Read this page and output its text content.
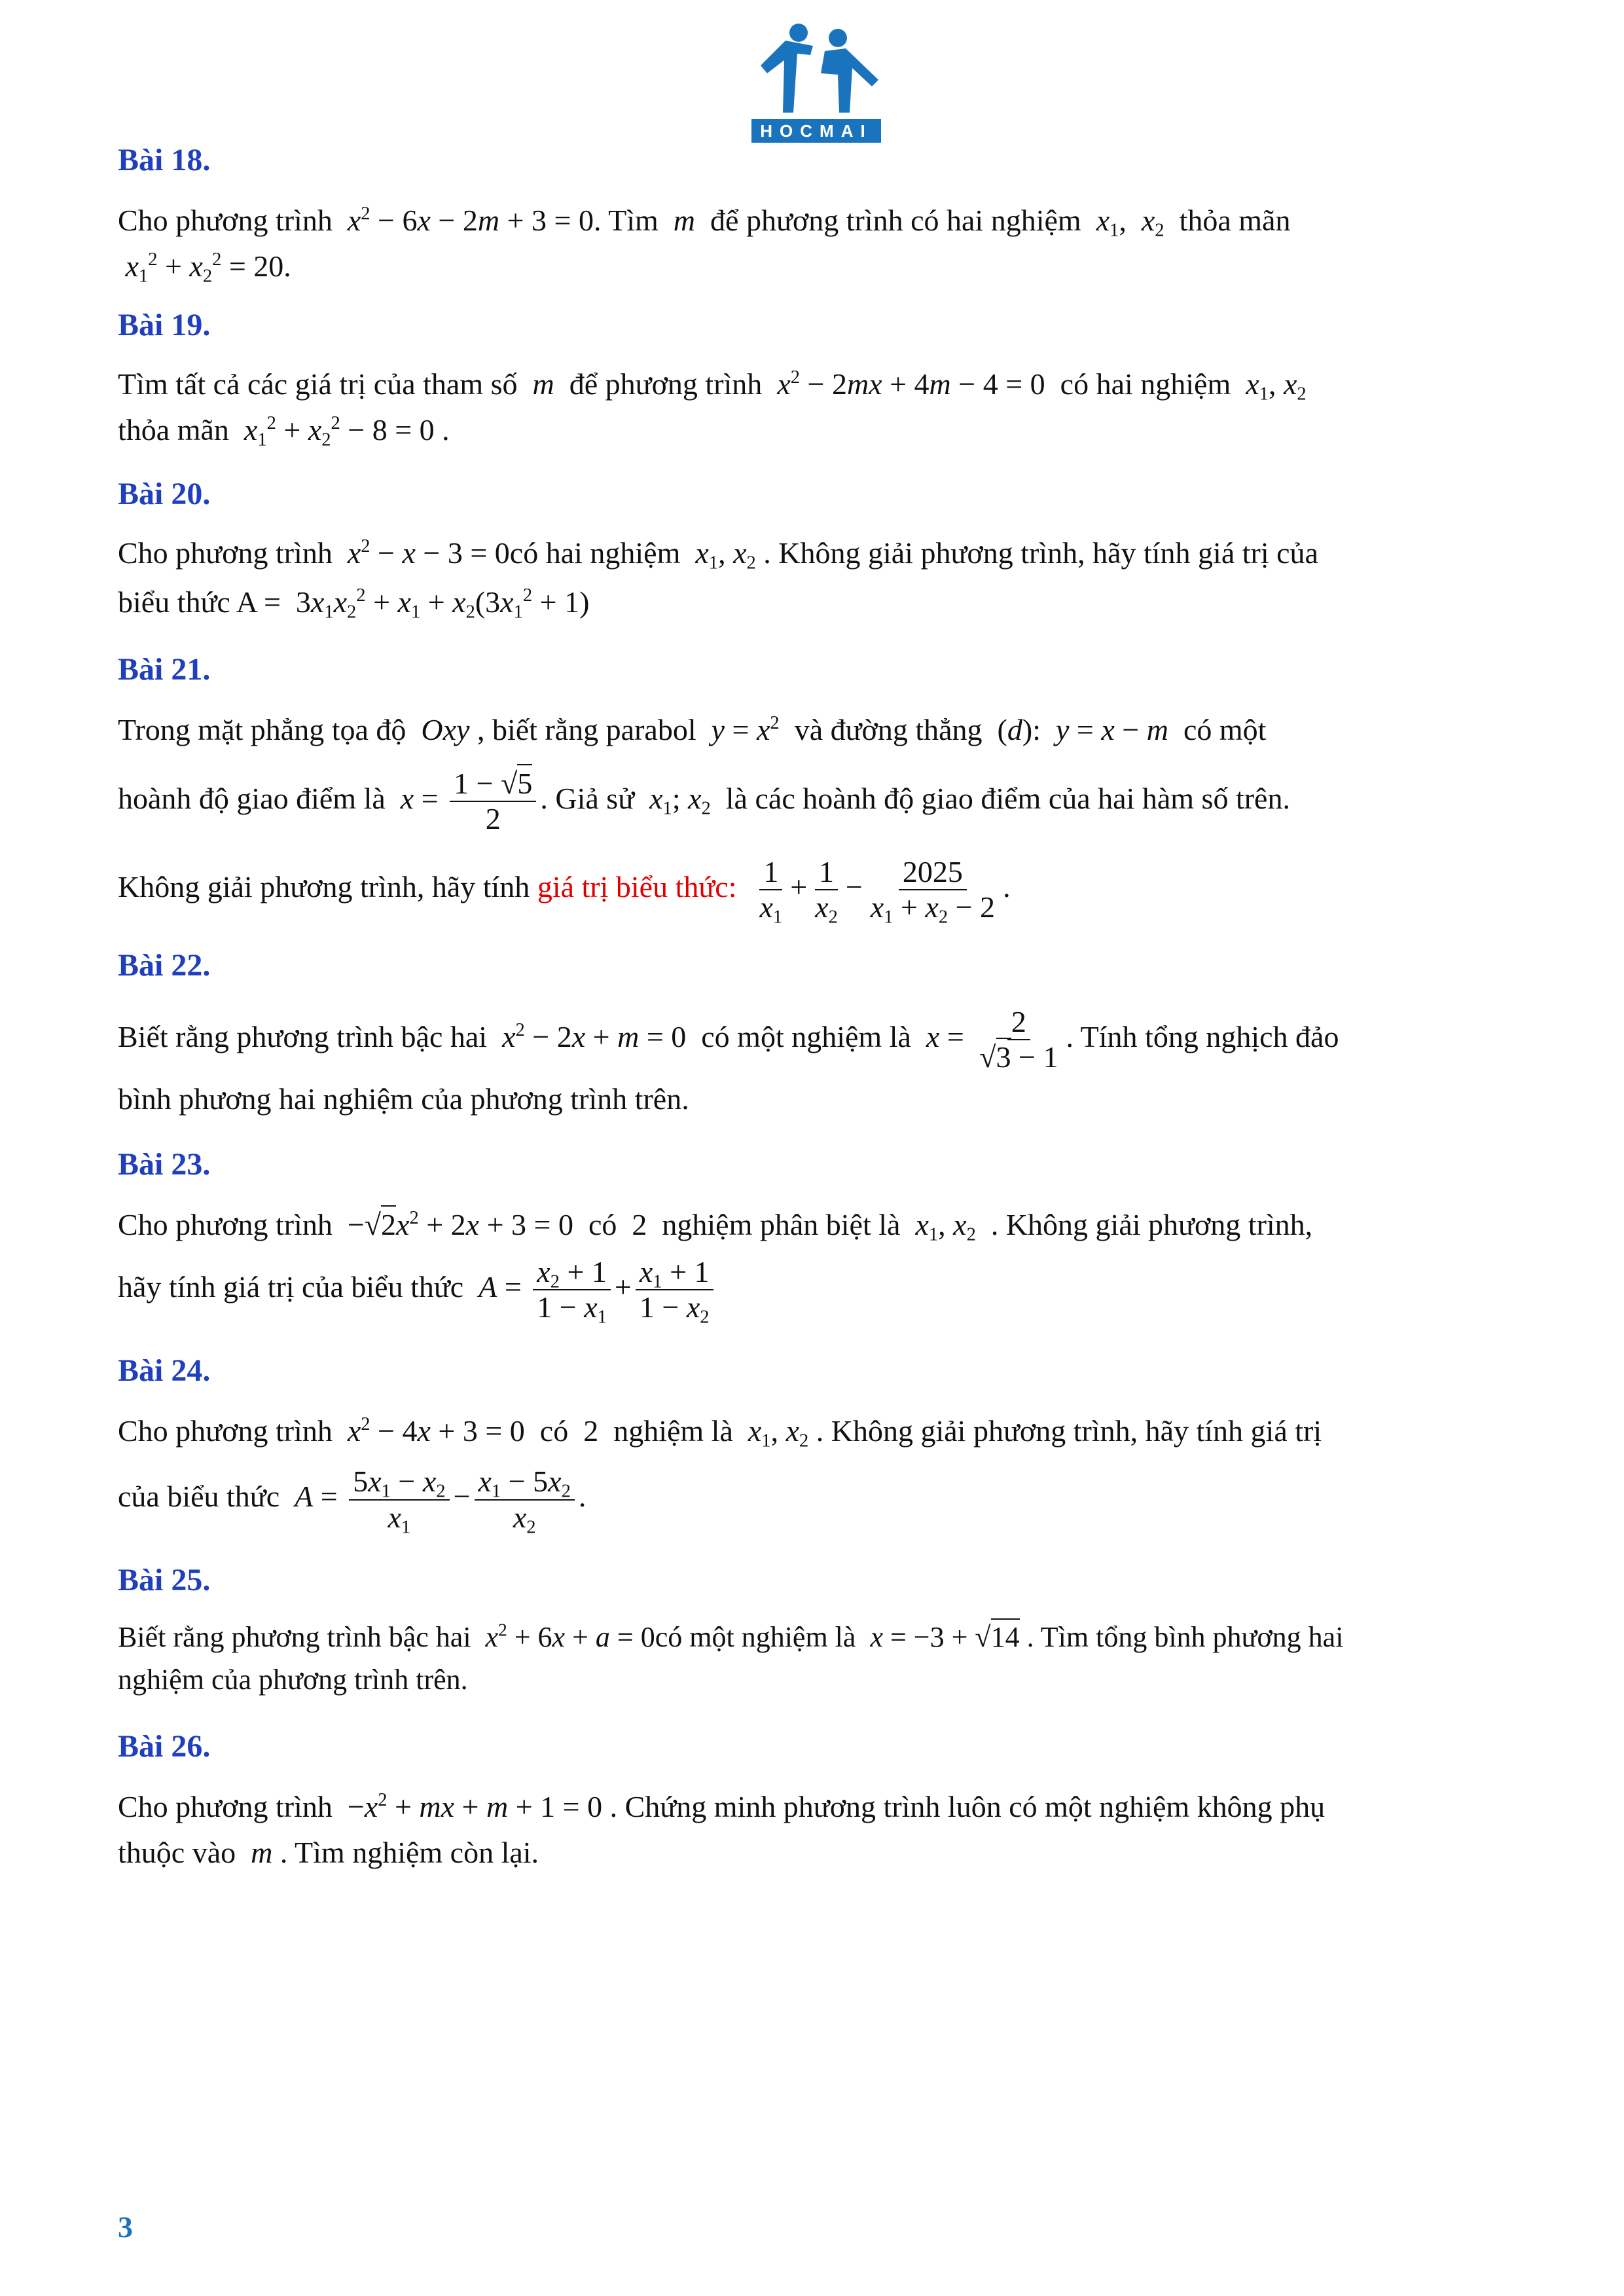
HOCMAI

Bài 18.

Cho phương trình  $x^2 - 6x - 2m + 3 = 0$. Tìm  m  để phương trình có hai nghiệm  $x_1$,  $x_2$  thỏa mãn

$x_1^2 + x_2^2 = 20$.

Bài 19.

Tìm tất cả các giá trị của tham số  m  để phương trình  $x^2 - 2mx + 4m - 4 = 0$  có hai nghiệm  $x_1$, $x_2$

thỏa mãn  $x_1^2 + x_2^2 - 8 = 0$ .

Bài 20.

Cho phương trình  $x^2 - x - 3$ = 0có hai nghiệm  $x_1$, $x_2$ . Không giải phương trình, hãy tính giá trị của

biểu thức $A = 3x_1x_2^2 + x_1 + x_2(3x_1^2 + 1)$

Bài 21.

Trong mặt phẳng tọa độ  Oxy , biết rằng parabol  $y = x^2$  và đường thẳng  (d):  y = x − m  có một

hoành độ giao điểm là  $x = \frac{1 - √5}{2}$ . Giả sử  $x_1$; $x_2$  là các hoành độ giao điểm của hai hàm số trên.

Không giải phương trình, hãy tính giá trị biểu thức: $\frac{1}{x_1} + \frac{1}{x_2} - \frac{2025}{x_1 + x_2 - 2}$ .

Bài 22.

Biết rằng phương trình bậc hai  $x^2 - 2x + m = 0$  có một nghiệm là  $x = \frac{2}{√3 - 1}$ . Tính tổng nghịch đảo

bình phương hai nghiệm của phương trình trên.

Bài 23.

Cho phương trình  $-√2x^2 + 2x + 3 = 0$  có  2  nghiệm phân biệt là  $x_1$, $x_2$  . Không giải phương trình,

hãy tính giá trị của biểu thức  $A = \frac{x_2 + 1}{1 - x_1} + \frac{x_1 + 1}{1 - x_2}$

Bài 24.

Cho phương trình  $x^2 - 4x + 3 = 0$  có  2  nghiệm là  $x_1$, $x_2$ . Không giải phương trình, hãy tính giá trị

của biểu thức  $A = \frac{5x_1 - x_2}{x_1} - \frac{x_1 - 5x_2}{x_2}$ .

Bài 25.

Biết rằng phương trình bậc hai  $x^2 + 6x + a$ = 0có một nghiệm là  x = −3 + √14 . Tìm tổng bình phương hai

nghiệm của phương trình trên.

Bài 26.

Cho phương trình  $-x^2$ + mx + m + 1 = 0 . Chứng minh phương trình luôn có một nghiệm không phụ

thuộc vào  m . Tìm nghiệm còn lại.

3
